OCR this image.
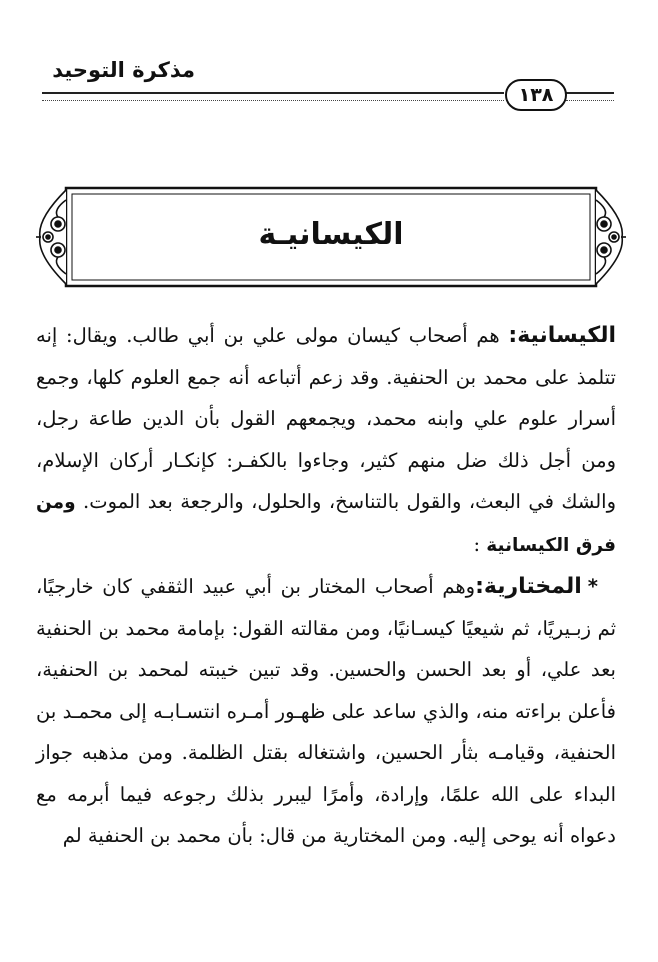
مذكرة التوحيد
١٣٨
الكيسانيـة

الكيسانية: هم أصحاب كيسان مولى علي بن أبي طالب. ويقال: إنه تتلمذ على محمد بن الحنفية. وقد زعم أتباعه أنه جمع العلوم كلها، وجمع أسرار علوم علي وابنه محمد، ويجمعهم القول بأن الدين طاعة رجل، ومن أجل ذلك ضل منهم كثير، وجاءوا بالكفـر: كإنكـار أركان الإسلام، والشك في البعث، والقول بالتناسخ، والحلول، والرجعة بعد الموت. ومن فرق الكيسانية :

*المختارية:وهم أصحاب المختار بن أبي عبيد الثقفي كان خارجيًا، ثم زبـيريًا، ثم شيعيًا كيسـانيًا، ومن مقالته القول: بإمامة محمد بن الحنفية بعد علي، أو بعد الحسن والحسين. وقد تبين خيبته لمحمد بن الحنفية، فأعلن براءته منه، والذي ساعد على ظهـور أمـره انتسـابـه إلى محمـد بن الحنفية، وقيامـه بثأر الحسين، واشتغاله بقتل الظلمة. ومن مذهبه جواز البداء على الله علمًا، وإرادة، وأمرًا ليبرر بذلك رجوعه فيما أبرمه مع دعواه أنه يوحى إليه. ومن المختارية من قال: بأن محمد بن الحنفية لم
